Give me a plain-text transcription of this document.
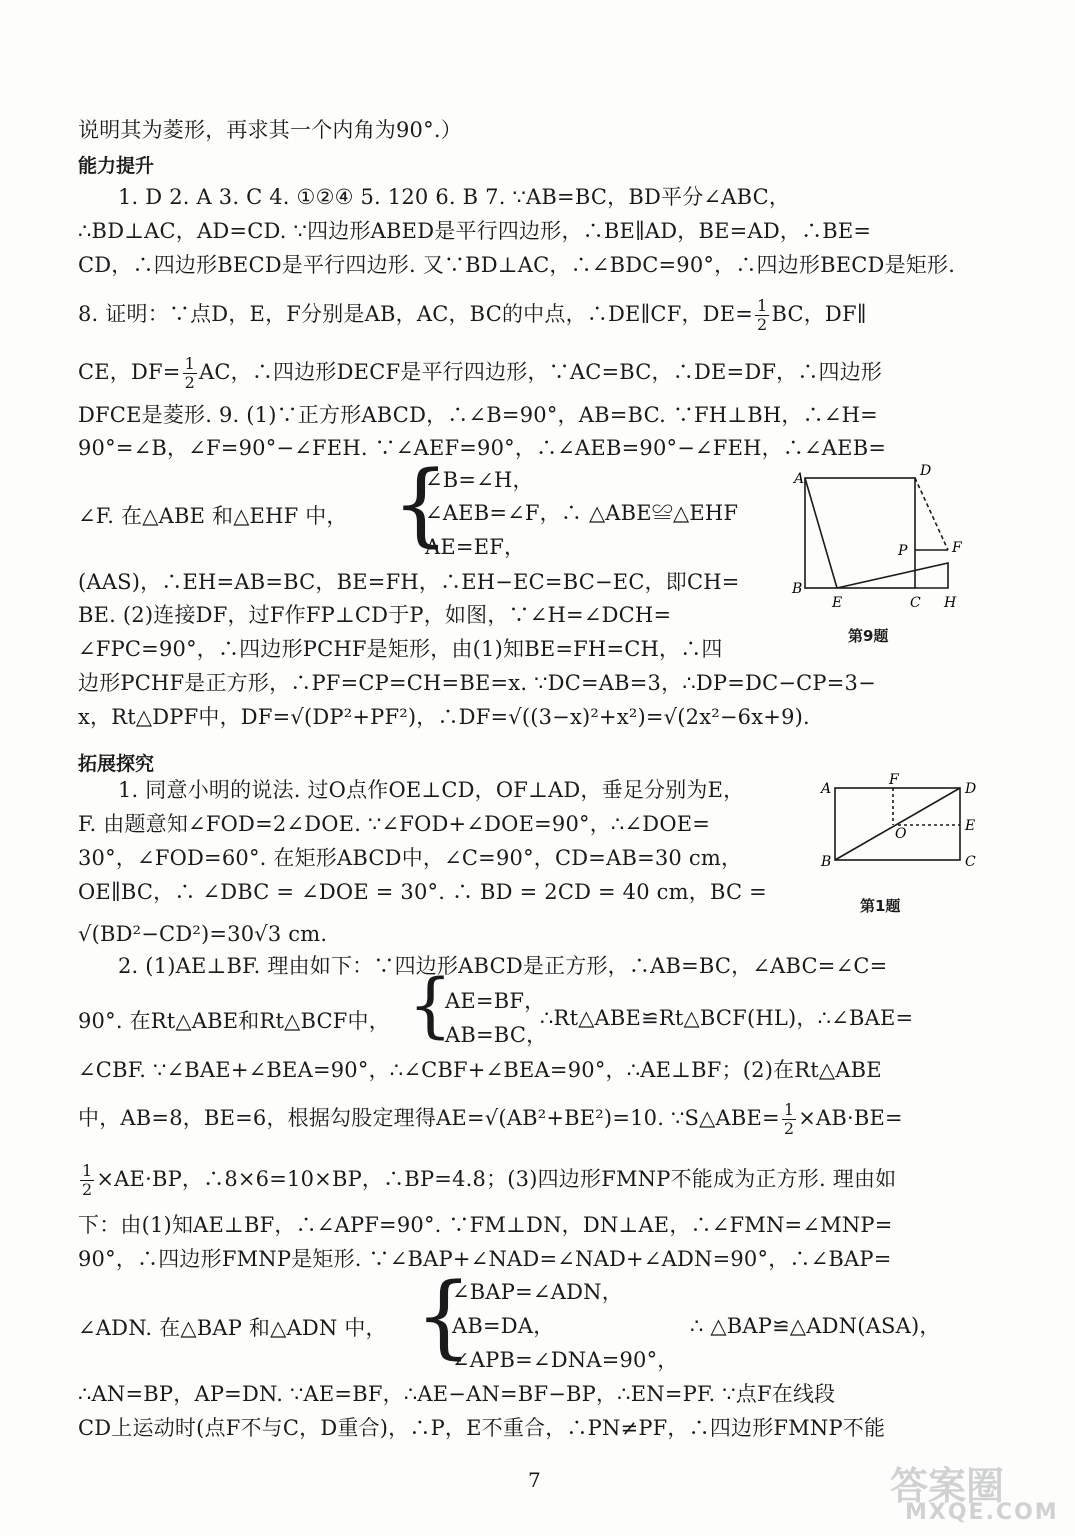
说明其为菱形，再求其一个内角为90°.）
能力提升
1. D 2. A 3. C 4. ①②④ 5. 120 6. B 7. ∵AB=BC，BD平分∠ABC，
∴BD⊥AC，AD=CD. ∵四边形ABED是平行四边形，∴BE∥AD，BE=AD，∴BE=
CD，∴四边形BECD是平行四边形. 又∵BD⊥AC，∴∠BDC=90°，∴四边形BECD是矩形.
8. 证明：∵点D，E，F分别是AB，AC，BC的中点，∴DE∥CF，$DE= \frac{1}{2}$ BC，DF∥
CE，$DF= \frac{1}{2}$ AC，∴四边形DECF是平行四边形，∵AC=BC，∴DE=DF，∴四边形
DFCE是菱形. 9. (1)∵正方形ABCD，∴∠B=90°，AB=BC. ∵FH⊥BH，∴∠H=
90°=∠B，∠F=90°−∠FEH. ∵∠AEF=90°，∴∠AEB=90°−∠FEH，∴∠AEB=
∠F. 在△ABE 和△EHF 中， {
∠B=∠H，
∠AEB=∠F，∴ △ABE≌△EHF
AE=EF，
(AAS)，∴EH=AB=BC，BE=FH，∴EH−EC=BC−EC，即CH=
BE. (2)连接DF，过F作FP⊥CD于P，如图，∵∠H=∠DCH=
∠FPC=90°，∴四边形PCHF是矩形，由(1)知BE=FH=CH，∴四
边形PCHF是正方形，∴PF=CP=CH=BE=x. ∵DC=AB=3，∴DP=DC−CP=3−
x，Rt△DPF中，DF=√(DP²+PF²)，∴DF=√((3−x)²+x²)=√(2x²−6x+9).
A	D
P	F
B
E	C H
第9题
拓展探究
1. 同意小明的说法. 过O点作OE⊥CD，OF⊥AD，垂足分别为E，
F. 由题意知∠FOD=2∠DOE. ∵∠FOD+∠DOE=90°，∴∠DOE=
30°，∠FOD=60°. 在矩形ABCD中，∠C=90°，CD=AB=30 cm，
OE∥BC，∴ ∠DBC = ∠DOE = 30°. ∴ BD = 2CD = 40 cm，BC =
√(BD²−CD²)=30√3 cm.
A
F
D
O	E
B	C
第1题
2. (1)AE⊥BF. 理由如下：∵四边形ABCD是正方形，∴AB=BC，∠ABC=∠C=
90°. 在Rt△ABE和Rt△BCF中， {
AE=BF，
AB=BC，
∴Rt△ABE≌Rt△BCF(HL)，∴∠BAE=
∠CBF. ∵∠BAE+∠BEA=90°，∴∠CBF+∠BEA=90°，∴AE⊥BF；(2)在Rt△ABE
中，AB=8，BE=6，根据勾股定理得AE=√(AB²+BE²)=10. ∵S△ABE= $\frac{1}{2} \times AB\cdot BE=$
$\frac{1}{2} \times AE\cdot BP$，∴8×6=10×BP，∴BP=4.8；(3)四边形FMNP不能成为正方形. 理由如
下：由(1)知AE⊥BF，∴∠APF=90°. ∵FM⊥DN，DN⊥AE，∴∠FMN=∠MNP=
90°，∴四边形FMNP是矩形. ∵∠BAP+∠NAD=∠NAD+∠ADN=90°，∴∠BAP=
∠ADN. 在△BAP 和△ADN 中， {
∠BAP=∠ADN，
AB=DA，	∴ △BAP≌△ADN(ASA)，
∠APB=∠DNA=90°，
∴AN=BP，AP=DN. ∵AE=BF，∴AE−AN=BF−BP，∴EN=PF. ∵点F在线段
CD上运动时(点F不与C，D重合)，∴P，E不重合，∴PN≠PF，∴四边形FMNP不能
7	答案圈
MXQE.COM
